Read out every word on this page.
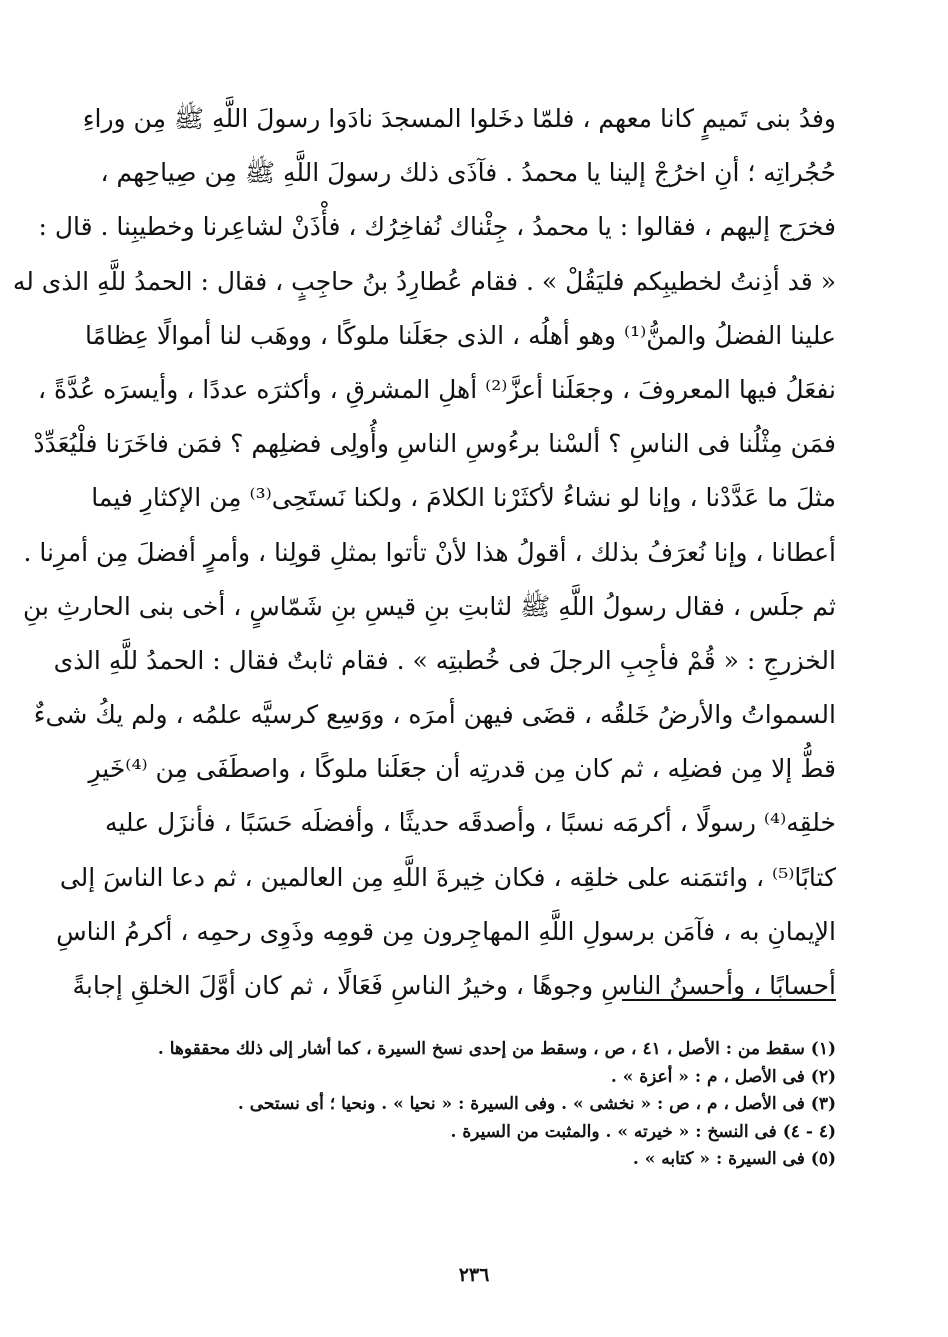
وفدُ بنى تَميمٍ كانا معهم ، فلمّا دخَلوا المسجدَ نادَوا رسولَ اللَّهِ ﷺ مِن وراءِ
حُجُراتِه ؛ أنِ اخرُجْ إلينا يا محمدُ . فآذَى ذلك رسولَ اللَّهِ ﷺ مِن صِياحِهم ،
فخرَج إليهم ، فقالوا : يا محمدُ ، جِئْناك نُفاخِرُك ، فأْذَنْ لشاعِرنا وخطيبِنا . قال :
« قد أذِنتُ لخطيبِكم فليَقُلْ » . فقام عُطارِدُ بنُ حاجِبٍ ، فقال : الحمدُ للَّهِ الذى له
علينا الفضلُ والمنُّ⁽¹⁾ وهو أهلُه ، الذى جعَلَنا ملوكًا ، ووهَب لنا أموالًا عِظامًا
نفعَلُ فيها المعروفَ ، وجعَلَنا أعزَّ⁽²⁾ أهلِ المشرقِ ، وأكثرَه عددًا ، وأيسرَه عُدَّةً ،
فمَن مِثْلُنا فى الناسِ ؟ ألسْنا برءُوسِ الناسِ وأُولِى فضلِهم ؟ فمَن فاخَرَنا فلْيُعَدِّدْ
مثلَ ما عَدَّدْنا ، وإنا لو نشاءُ لأكثَرْنا الكلامَ ، ولكنا نَستَحِى⁽³⁾ مِن الإكثارِ فيما
أعطانا ، وإنا نُعرَفُ بذلك ، أقولُ هذا لأنْ تأتوا بمثلِ قولِنا ، وأمرٍ أفضلَ مِن أمرِنا .
ثم جلَس ، فقال رسولُ اللَّهِ ﷺ لثابتِ بنِ قيسِ بنِ شَمّاسٍ ، أخى بنى الحارثِ بنِ
الخزرجِ : « قُمْ فأجِبِ الرجلَ فى خُطبتِه » . فقام ثابتٌ فقال : الحمدُ للَّهِ الذى
السمواتُ والأرضُ خَلقُه ، قضَى فيهن أمرَه ، ووَسِع كرسيَّه علمُه ، ولم يكُ شىءٌ
قطُّ إلا مِن فضلِه ، ثم كان مِن قدرتِه أن جعَلَنا ملوكًا ، واصطَفَى مِن ⁽⁴⁾خَيرِ
خلقِه⁽⁴⁾ رسولًا ، أكرمَه نسبًا ، وأصدقَه حديثًا ، وأفضلَه حَسَبًا ، فأنزَل عليه
كتابًا⁽⁵⁾ ، وائتمَنه على خلقِه ، فكان خِيرةَ اللَّهِ مِن العالمين ، ثم دعا الناسَ إلى
الإيمانِ به ، فآمَن برسولِ اللَّهِ المهاجِرون مِن قومِه وذَوِى رحمِه ، أكرمُ الناسِ
أحسابًا ، وأحسنُ الناسِ وجوهًا ، وخيرُ الناسِ فَعَالًا ، ثم كان أوَّلَ الخلقِ إجابةً
(١) سقط من : الأصل ، ٤١ ، ص ، وسقط من إحدى نسخ السيرة ، كما أشار إلى ذلك محققوها .
(٢) فى الأصل ، م : « أعزة » .
(٣) فى الأصل ، م ، ص : « نخشى » . وفى السيرة : « نحيا » . ونحيا ؛ أى نستحى .
(٤ - ٤) فى النسخ : « خيرته » . والمثبت من السيرة .
(٥) فى السيرة : « كتابه » .
٢٣٦
